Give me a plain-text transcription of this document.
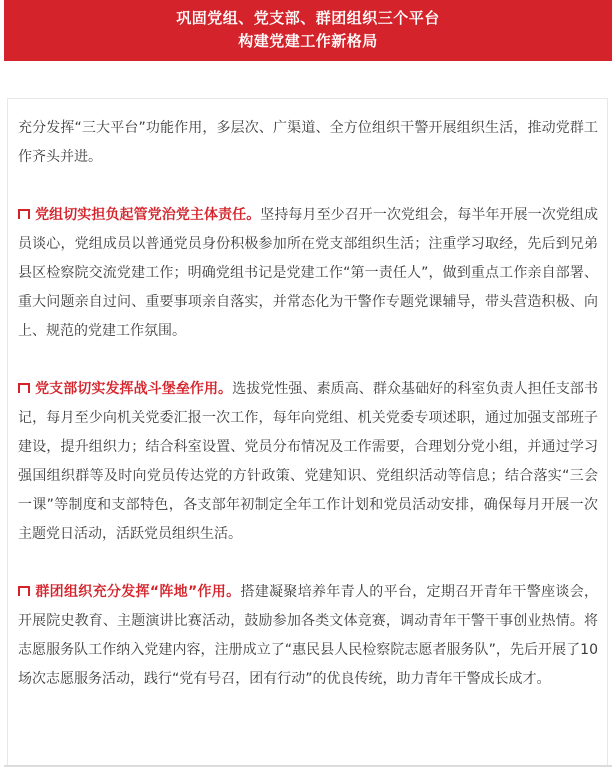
巩固党组、党支部、群团组织三个平台
构建党建工作新格局

充分发挥“三大平台”功能作用，多层次、广渠道、全方位组织干警开展组织生活，推动党群工作齐头并进。

党组切实担负起管党治党主体责任。坚持每月至少召开一次党组会，每半年开展一次党组成员谈心，党组成员以普通党员身份积极参加所在党支部组织生活；注重学习取经，先后到兄弟县区检察院交流党建工作；明确党组书记是党建工作“第一责任人”，做到重点工作亲自部署、重大问题亲自过问、重要事项亲自落实，并常态化为干警作专题党课辅导，带头营造积极、向上、规范的党建工作氛围。

党支部切实发挥战斗堡垒作用。选拔党性强、素质高、群众基础好的科室负责人担任支部书记，每月至少向机关党委汇报一次工作，每年向党组、机关党委专项述职，通过加强支部班子建设，提升组织力；结合科室设置、党员分布情况及工作需要，合理划分党小组，并通过学习强国组织群等及时向党员传达党的方针政策、党建知识、党组织活动等信息；结合落实“三会一课”等制度和支部特色，各支部年初制定全年工作计划和党员活动安排，确保每月开展一次主题党日活动，活跃党员组织生活。

群团组织充分发挥“阵地”作用。搭建凝聚培养年青人的平台，定期召开青年干警座谈会，开展院史教育、主题演讲比赛活动，鼓励参加各类文体竞赛，调动青年干警干事创业热情。将志愿服务队工作纳入党建内容，注册成立了“惠民县人民检察院志愿者服务队”，先后开展了10场次志愿服务活动，践行“党有号召，团有行动”的优良传统，助力青年干警成长成才。
